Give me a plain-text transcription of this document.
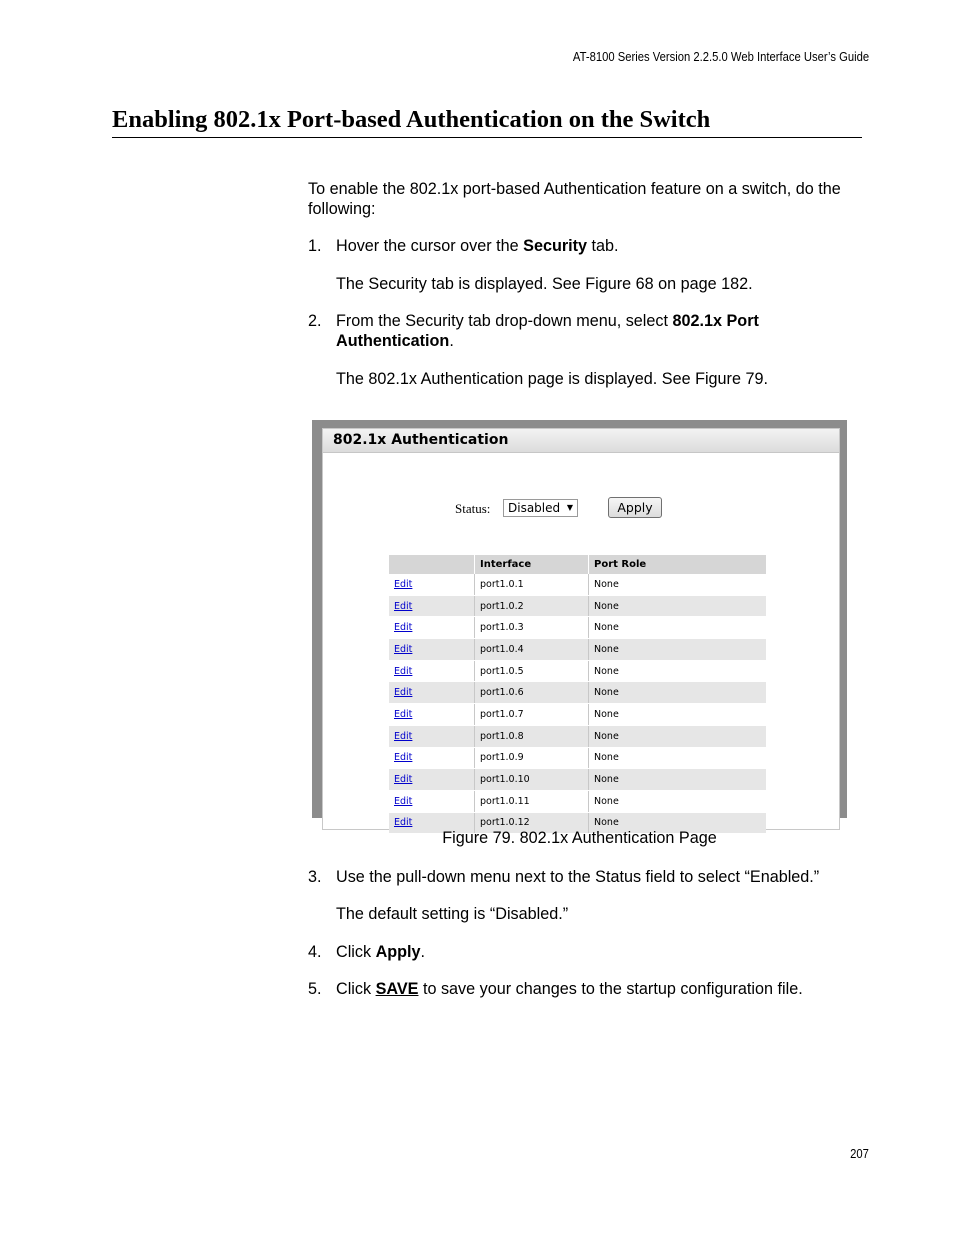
AT-8100 Series Version 2.2.5.0 Web Interface User’s Guide
Enabling 802.1x Port-based Authentication on the Switch
To enable the 802.1x port-based Authentication feature on a switch, do the following:
1. Hover the cursor over the Security tab.
The Security tab is displayed. See Figure 68 on page 182.
2. From the Security tab drop-down menu, select 802.1x Port Authentication.
The 802.1x Authentication page is displayed. See Figure 79.
802.1x Authentication
Status:	Disabled ▼	Apply
	Interface	Port Role
Edit	port1.0.1	None
Edit	port1.0.2	None
Edit	port1.0.3	None
Edit	port1.0.4	None
Edit	port1.0.5	None
Edit	port1.0.6	None
Edit	port1.0.7	None
Edit	port1.0.8	None
Edit	port1.0.9	None
Edit	port1.0.10	None
Edit	port1.0.11	None
Edit	port1.0.12	None
Figure 79. 802.1x Authentication Page
3. Use the pull-down menu next to the Status field to select “Enabled.”
The default setting is “Disabled.”
4. Click Apply.
5. Click SAVE to save your changes to the startup configuration file.
207
